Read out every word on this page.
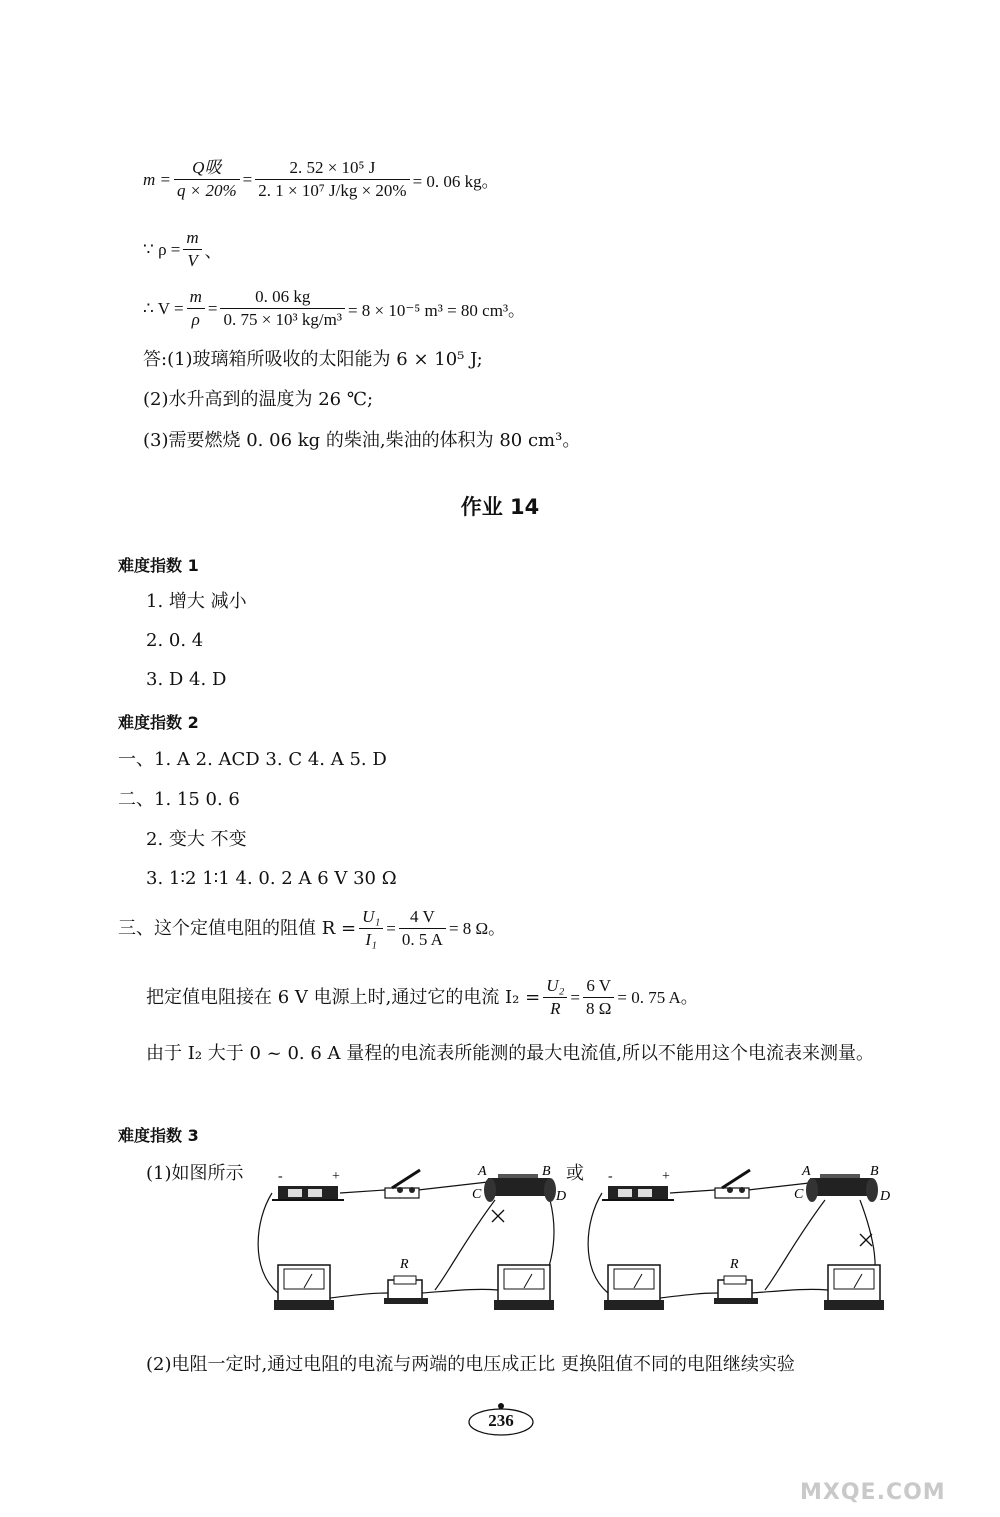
$m = \frac{\text{Q吸}}{q \times 20\%} = \frac{\text{2. 52 × 10⁵ J}}{\text{2. 1 × 10⁷ J/kg × 20\%}} = 0$. 06 kg。
∵ $\rho = \frac{m}{V}$ 、
∴ $V = \frac{m}{\rho} = \frac{0. 06 kg}{\text{0. 75 × 10³ kg/m³}} = 8 \times 10^{-5}$ m³ = 80 cm³。
答:(1)玻璃箱所吸收的太阳能为 6 × 10⁵ J;
(2)水升高到的温度为 26 ℃;
(3)需要燃烧 0. 06 kg 的柴油,柴油的体积为 80 cm³。
作业 14
难度指数 1
1. 增大 减小
2. 0. 4
3. D 4. D
难度指数 2
一、1. A 2. ACD 3. C 4. A 5. D
二、1. 15 0. 6
2. 变大 不变
3. 1∶2 1∶1 4. 0. 2 A 6 V 30 Ω
三、这个定值电阻的阻值 $R = \frac{\text{U₁}}{\text{I₁}} = \frac{4 V}{0. 5 A} = 8$ Ω。
把定值电阻接在 6 V 电源上时,通过它的电流 $I_2 = \frac{\text{U₂}}{R} = \frac{6 V}{8 \Omega} = 0$. 75 A。
由于 I₂ 大于 0 ~ 0. 6 A 量程的电流表所能测的最大电流值,所以不能用这个电流表来测量。
难度指数 3
(1)如图所示	或
-	+	A	B
C	D
R
-	+	A	B
C	D
R
(2)电阻一定时,通过电阻的电流与两端的电压成正比 更换阻值不同的电阻继续实验
236
MXQE.COM
